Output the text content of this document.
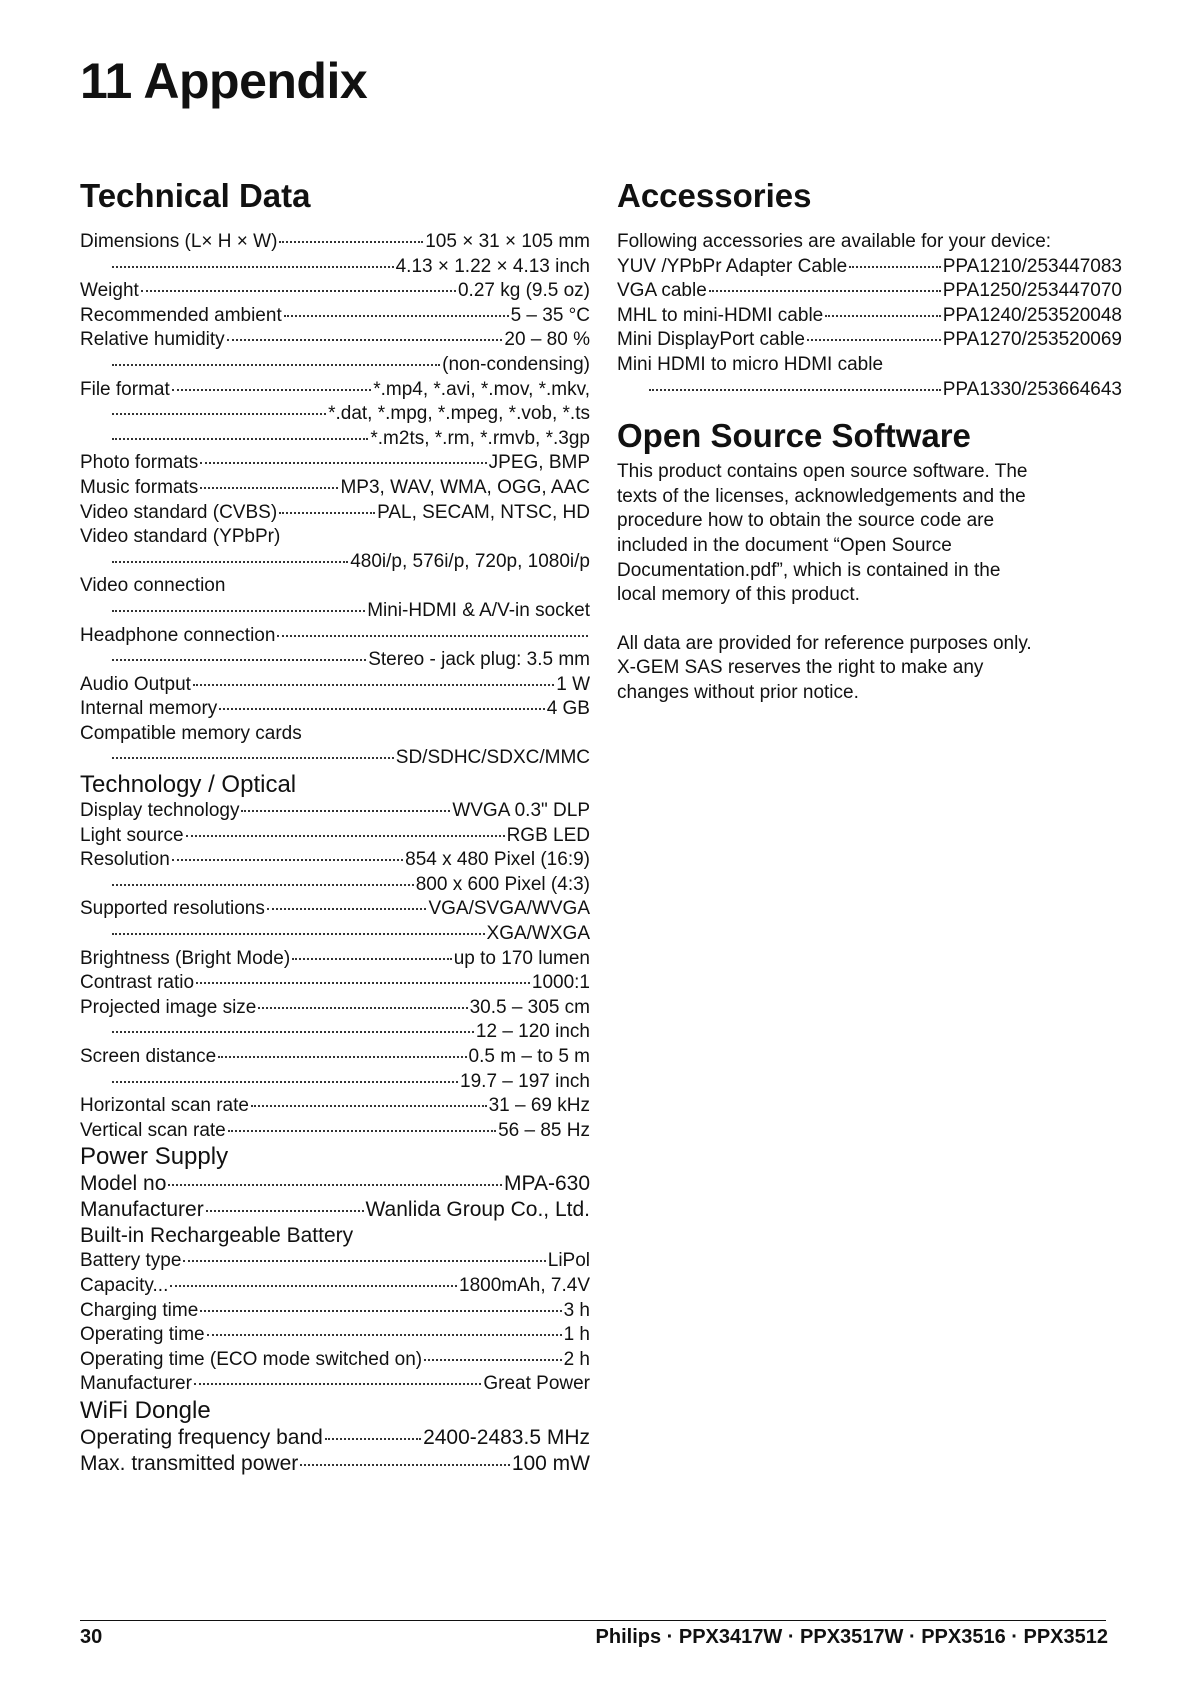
11 Appendix
Technical Data
Dimensions (L× H × W)	105 × 31 × 105 mm
4.13 × 1.22 × 4.13 inch
Weight	0.27 kg (9.5 oz)
Recommended ambient	5 – 35 °C
Relative humidity	20 – 80 %
(non-condensing)
File format	*.mp4, *.avi, *.mov, *.mkv,
*.dat, *.mpg, *.mpeg, *.vob, *.ts
*.m2ts, *.rm, *.rmvb, *.3gp
Photo formats	JPEG, BMP
Music formats	MP3, WAV, WMA, OGG, AAC
Video standard (CVBS)	PAL, SECAM, NTSC, HD
Video standard (YPbPr)
480i/p, 576i/p, 720p, 1080i/p
Video connection
Mini-HDMI & A/V-in socket
Headphone connection
Stereo - jack plug: 3.5 mm
Audio Output	1 W
Internal memory	4 GB
Compatible memory cards
SD/SDHC/SDXC/MMC
Technology / Optical
Display technology	WVGA 0.3" DLP
Light source	RGB LED
Resolution	854 x 480 Pixel (16:9)
800 x 600 Pixel (4:3)
Supported resolutions	VGA/SVGA/WVGA
XGA/WXGA
Brightness (Bright Mode)	up to 170 lumen
Contrast ratio	1000:1
Projected image size	30.5 – 305 cm
12 – 120 inch
Screen distance	0.5 m – to 5 m
19.7 – 197 inch
Horizontal scan rate	31 – 69 kHz
Vertical scan rate	56 – 85 Hz
Power Supply
Model no	MPA-630
Manufacturer	Wanlida Group Co., Ltd.
Built-in Rechargeable Battery
Battery type	LiPol
Capacity...	1800mAh, 7.4V
Charging time	3 h
Operating time	1 h
Operating time (ECO mode switched on)	2 h
Manufacturer	Great Power
WiFi Dongle
Operating frequency band	2400-2483.5 MHz
Max. transmitted power	100 mW
Accessories
Following accessories are available for your device:
YUV /YPbPr Adapter Cable	PPA1210/253447083
VGA cable	PPA1250/253447070
MHL to mini-HDMI cable	PPA1240/253520048
Mini DisplayPort cable	PPA1270/253520069
Mini HDMI to micro HDMI cable
PPA1330/253664643
Open Source Software
This product contains open source software. The
texts of the licenses, acknowledgements and the
procedure how to obtain the source code are
included in the document “Open Source
Documentation.pdf”, which is contained in the
local memory of this product.
All data are provided for reference purposes only.
X-GEM SAS reserves the right to make any
changes without prior notice.
30	Philips · PPX3417W · PPX3517W · PPX3516 · PPX3512
